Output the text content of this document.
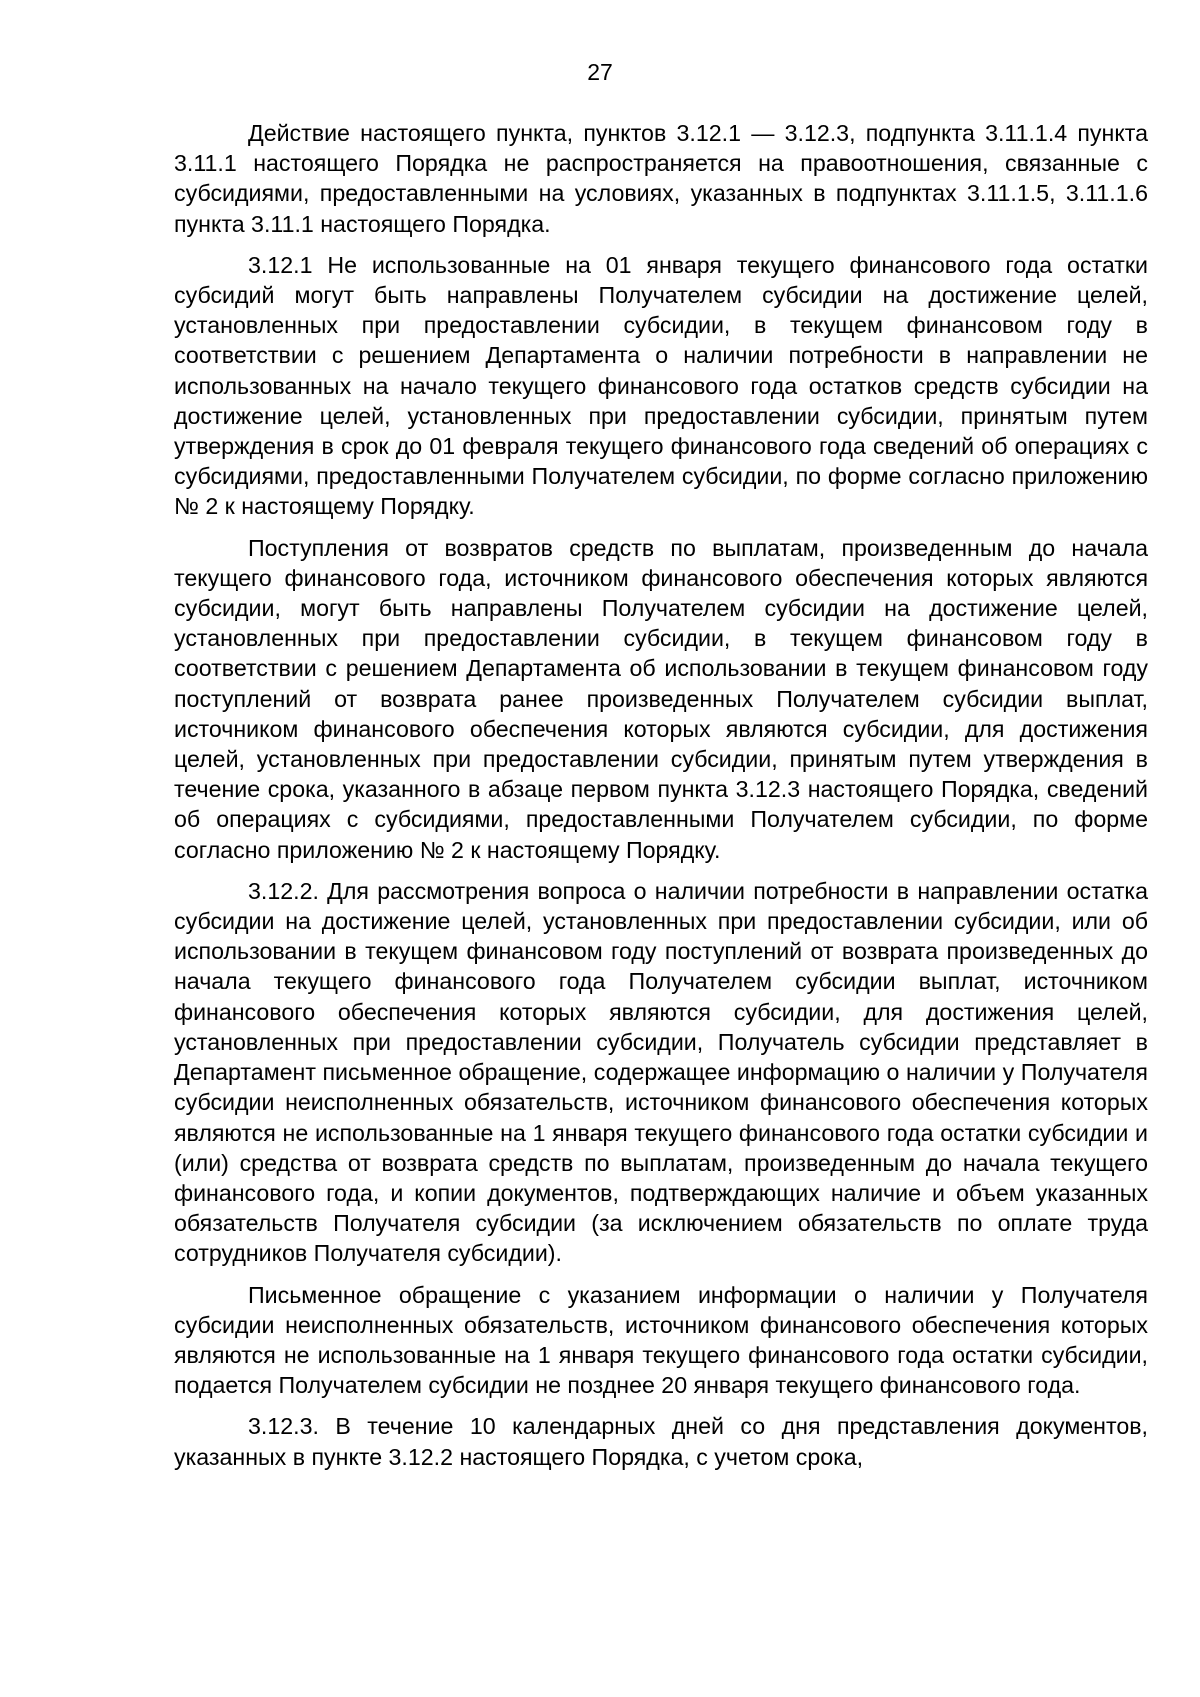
27

Действие настоящего пункта, пунктов 3.12.1 — 3.12.3, подпункта 3.11.1.4 пункта 3.11.1 настоящего Порядка не распространяется на правоотношения, связанные с субсидиями, предоставленными на условиях, указанных в подпунктах 3.11.1.5, 3.11.1.6 пункта 3.11.1 настоящего Порядка.

3.12.1 Не использованные на 01 января текущего финансового года остатки субсидий могут быть направлены Получателем субсидии на достижение целей, установленных при предоставлении субсидии, в текущем финансовом году в соответствии с решением Департамента о наличии потребности в направлении не использованных на начало текущего финансового года остатков средств субсидии на достижение целей, установленных при предоставлении субсидии, принятым путем утверждения в срок до 01 февраля текущего финансового года сведений об операциях с субсидиями, предоставленными Получателем субсидии, по форме согласно приложению № 2 к настоящему Порядку.

Поступления от возвратов средств по выплатам, произведенным до начала текущего финансового года, источником финансового обеспечения которых являются субсидии, могут быть направлены Получателем субсидии на достижение целей, установленных при предоставлении субсидии, в текущем финансовом году в соответствии с решением Департамента об использовании в текущем финансовом году поступлений от возврата ранее произведенных Получателем субсидии выплат, источником финансового обеспечения которых являются субсидии, для достижения целей, установленных при предоставлении субсидии, принятым путем утверждения в течение срока, указанного в абзаце первом пункта 3.12.3 настоящего Порядка, сведений об операциях с субсидиями, предоставленными Получателем субсидии, по форме согласно приложению № 2 к настоящему Порядку.

3.12.2. Для рассмотрения вопроса о наличии потребности в направлении остатка субсидии на достижение целей, установленных при предоставлении субсидии, или об использовании в текущем финансовом году поступлений от возврата произведенных до начала текущего финансового года Получателем субсидии выплат, источником финансового обеспечения которых являются субсидии, для достижения целей, установленных при предоставлении субсидии, Получатель субсидии представляет в Департамент письменное обращение, содержащее информацию о наличии у Получателя субсидии неисполненных обязательств, источником финансового обеспечения которых являются не использованные на 1 января текущего финансового года остатки субсидии и (или) средства от возврата средств по выплатам, произведенным до начала текущего финансового года, и копии документов, подтверждающих наличие и объем указанных обязательств Получателя субсидии (за исключением обязательств по оплате труда сотрудников Получателя субсидии).

Письменное обращение с указанием информации о наличии у Получателя субсидии неисполненных обязательств, источником финансового обеспечения которых являются не использованные на 1 января текущего финансового года остатки субсидии, подается Получателем субсидии не позднее 20 января текущего финансового года.

3.12.3. В течение 10 календарных дней со дня представления документов, указанных в пункте 3.12.2 настоящего Порядка, с учетом срока,
